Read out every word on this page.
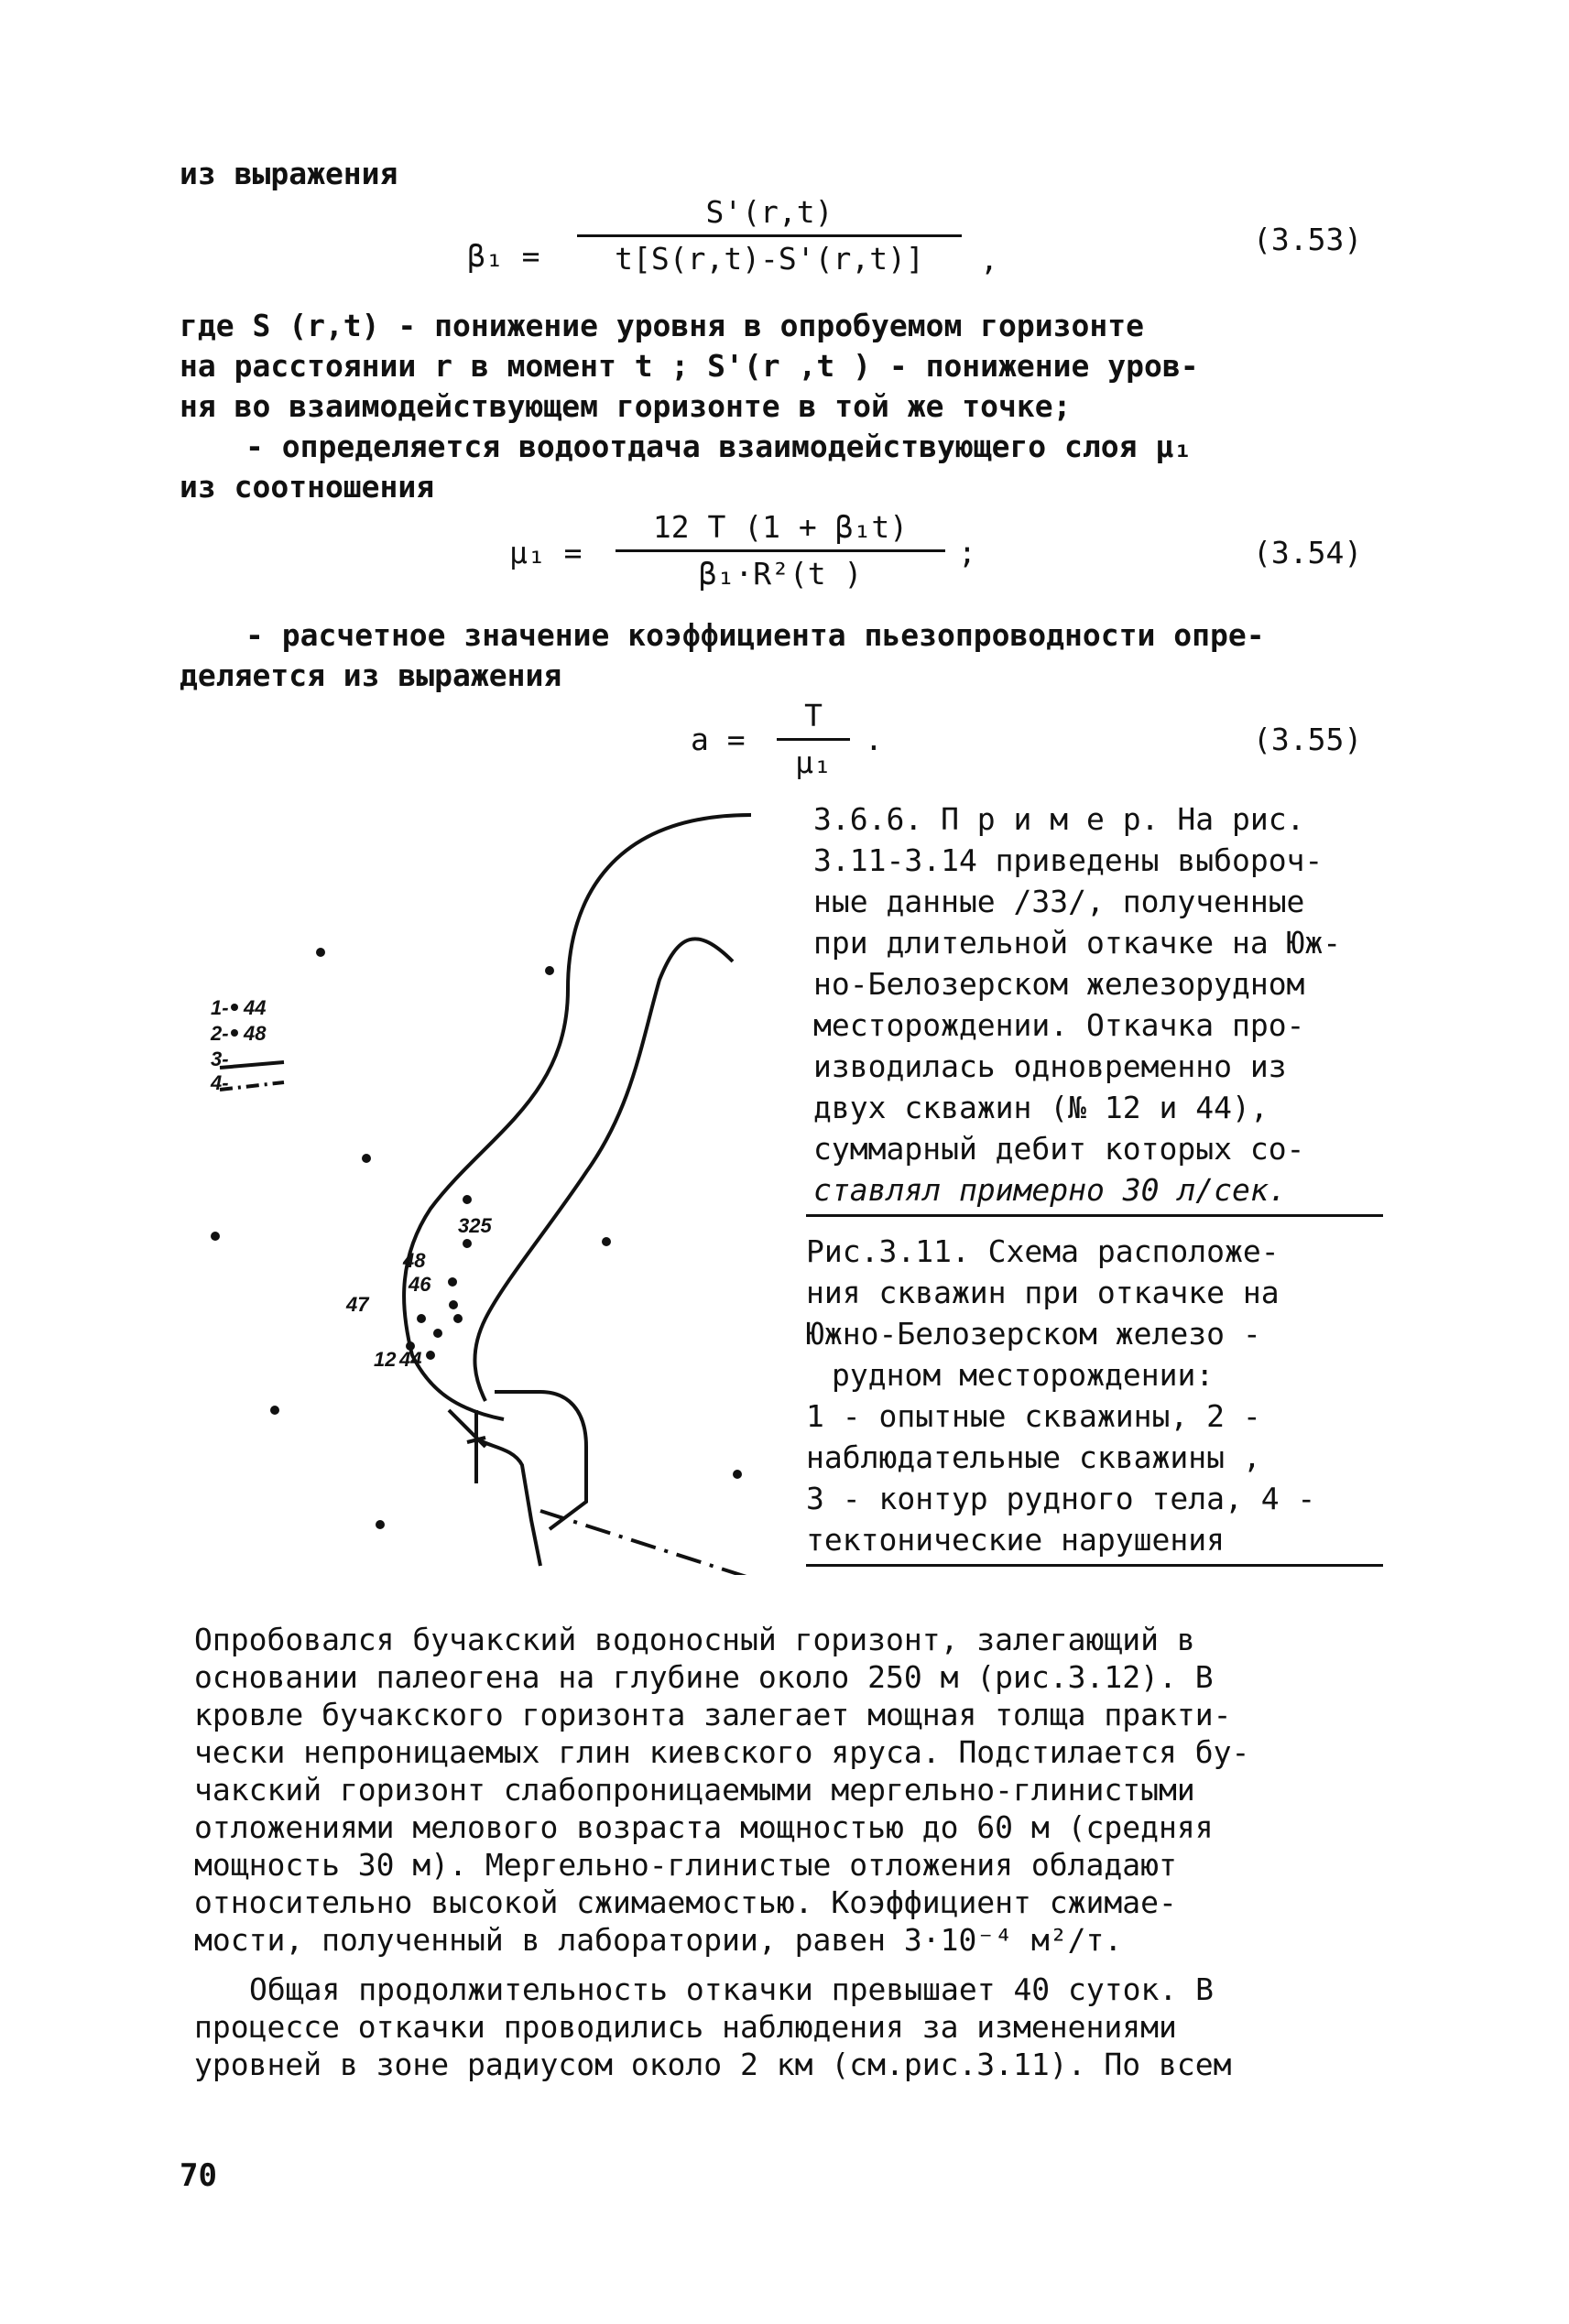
из выражения
$\beta_1 = \frac{S'(r,t)}{t[S(r,t)-S'(r,t)]}$ ,
(3.53)
где S (r,t) - понижение уровня в опробуемом горизонте
на расстоянии r в момент t ; S'(r ,t ) - понижение уров-
ня во взаимодействующем горизонте в той же точке;
- определяется водоотдача взаимодействующего слоя μ₁
из соотношения
$\mu_1 = \frac{\text{12 T (1 + β₁t)}}{\text{β₁·R²(t )}}$ ;	(3.54)
- расчетное значение коэффициента пьезопроводности опре-
деляется из выражения
$a = \frac{T}{\text{μ₁}}$ .	(3.55)
3.6.6. П р и м е р. На рис.
3.11-3.14 приведены выбороч-
ные данные /33/, полученные
при длительной откачке на Юж-
но-Белозерском железорудном
месторождении. Откачка про-
изводилась одновременно из
двух скважин (№ 12 и 44),
суммарный дебит которых со-
ставлял примерно 30 л/сек.
Рис.3.11. Схема расположе-
ния скважин при откачке на
Южно-Белозерском железо -
рудном месторождении:
1 - опытные скважины, 2 -
наблюдательные скважины ,
3 - контур рудного тела, 4 -
тектонические нарушения
1- 44
2- 48
3-
4-
325
48
46
47
12 44
Опробовался бучакский водоносный горизонт, залегающий в
основании палеогена на глубине около 250 м (рис.3.12). В
кровле бучакского горизонта залегает мощная толща практи-
чески непроницаемых глин киевского яруса. Подстилается бу-
чакский горизонт слабопроницаемыми мергельно-глинистыми
отложениями мелового возраста мощностью до 60 м (средняя
мощность 30 м). Мергельно-глинистые отложения обладают
относительно высокой сжимаемостью. Коэффициент сжимае-
мости, полученный в лаборатории, равен 3·10⁻⁴ м²/т.
Общая продолжительность откачки превышает 40 суток. В
процессе откачки проводились наблюдения за изменениями
уровней в зоне радиусом около 2 км (см.рис.3.11). По всем
70
